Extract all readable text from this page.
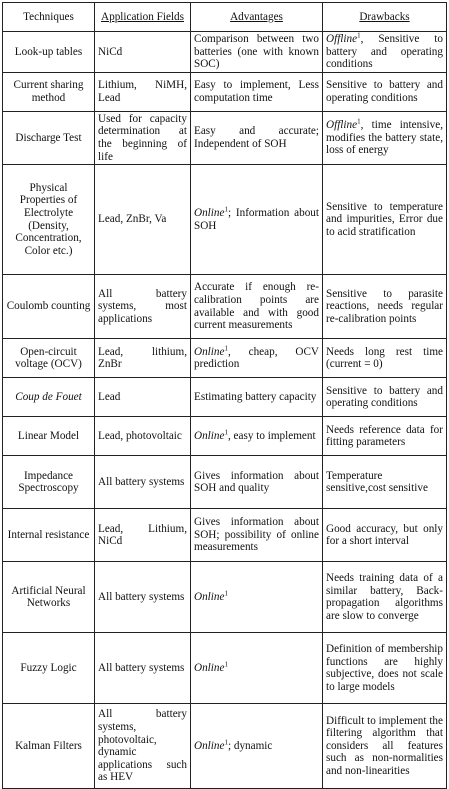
Techniques	Application Fields	Advantages	Drawbacks
Look-up tables	NiCd	Comparison between two batteries (one with known SOC)	Offline$^1$, Sensitive to battery and operating conditions
Current sharing method	Lithium, NiMH, Lead	Easy to implement, Less computation time	Sensitive to battery and operating conditions
Discharge Test	Used for capacity determination at the beginning of life	Easy and accurate; Independent of SOH	Offline$^1$, time intensive, modifies the battery state, loss of energy
Physical Properties of Electrolyte (Density, Concentration, Color etc.)	Lead, ZnBr, Va	Online$^1$; Information about SOH	Sensitive to temperature and impurities, Error due to acid stratification
Coulomb counting	All battery systems, most applications	Accurate if enough re-calibration points are available and with good current measurements	Sensitive to parasite reactions, needs regular re-calibration points
Open-circuit voltage (OCV)	Lead, lithium, ZnBr	Online$^1$, cheap, OCV prediction	Needs long rest time (current = 0)
Coup de Fouet	Lead	Estimating battery capacity	Sensitive to battery and operating conditions
Linear Model	Lead, photovoltaic	Online$^1$, easy to implement	Needs reference data for fitting parameters
Impedance Spectroscopy	All battery systems	Gives information about SOH and quality	Temperature sensitive,cost sensitive
Internal resistance	Lead, Lithium, NiCd	Gives information about SOH; possibility of online measurements	Good accuracy, but only for a short interval
Artificial Neural Networks	All battery systems	Online$^1$	Needs training data of a similar battery, Back-propagation algorithms are slow to converge
Fuzzy Logic	All battery systems	Online$^1$	Definition of membership functions are highly subjective, does not scale to large models
Kalman Filters	All battery systems, photovoltaic, dynamic applications such as HEV	Online$^1$; dynamic	Difficult to implement the filtering algorithm that considers all features such as non-normalities and non-linearities
